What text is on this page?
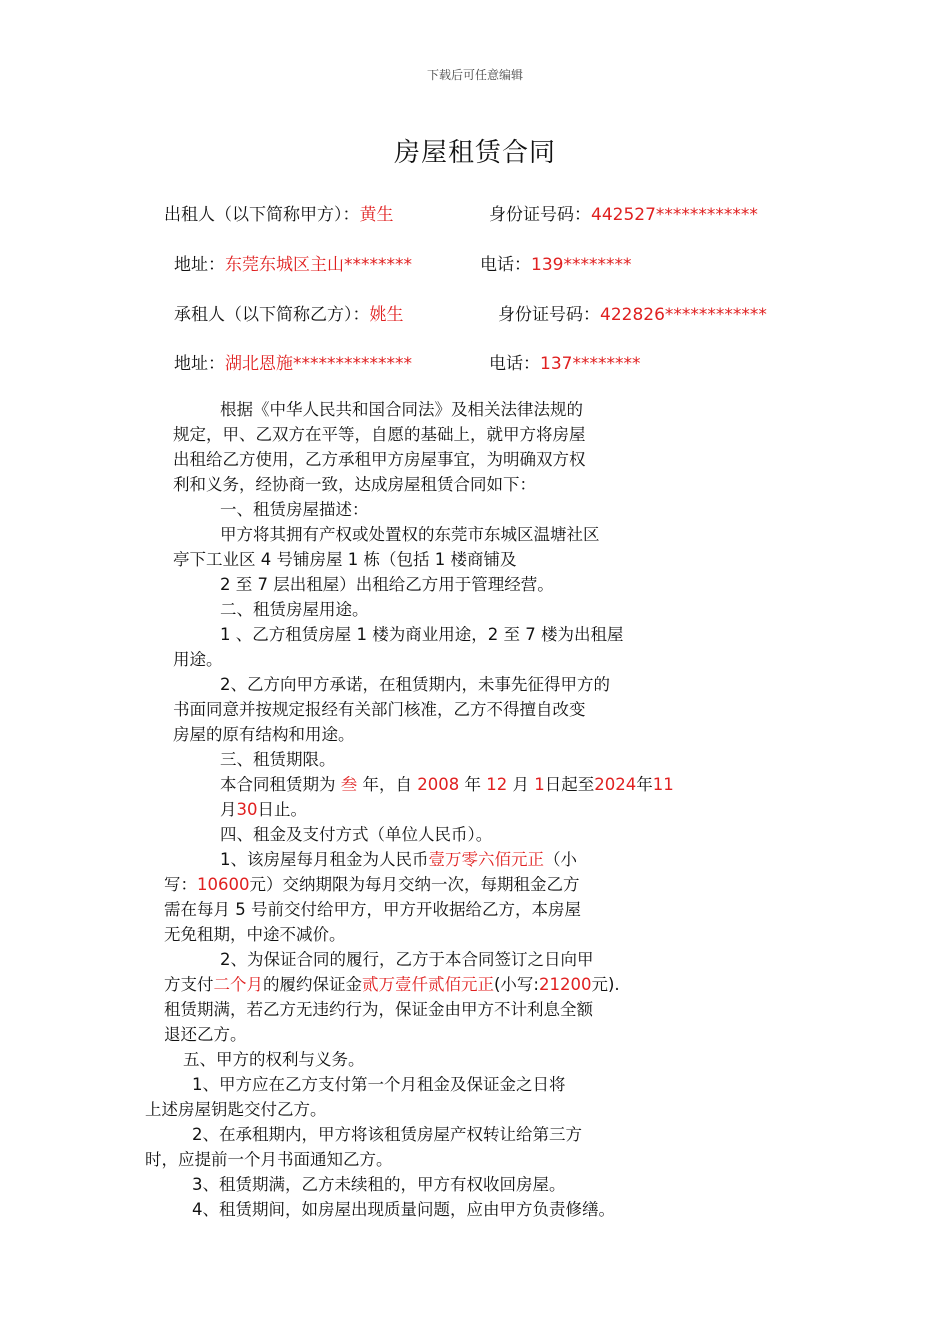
下载后可任意编辑
房屋租赁合同
出租人（以下简称甲方）：黄生	身份证号码：442527************
地址：东莞东城区主山********	电话：139********
承租人（以下简称乙方）：姚生	身份证号码：422826************
地址：湖北恩施**************	电话：137********
根据《中华人民共和国合同法》及相关法律法规的
规定，甲、乙双方在平等，自愿的基础上，就甲方将房屋
出租给乙方使用，乙方承租甲方房屋事宜，为明确双方权
利和义务，经协商一致，达成房屋租赁合同如下：
一、租赁房屋描述：
甲方将其拥有产权或处置权的东莞市东城区温塘社区
亭下工业区 4 号铺房屋 1 栋（包括 1 楼商铺及
2 至 7 层出租屋）出租给乙方用于管理经营。
二、租赁房屋用途。
1 、乙方租赁房屋 1 楼为商业用途，2 至 7 楼为出租屋
用途。
2、乙方向甲方承诺，在租赁期内，未事先征得甲方的
书面同意并按规定报经有关部门核准，乙方不得擅自改变
房屋的原有结构和用途。
三、租赁期限。
本合同租赁期为 叁 年，自 2008 年 12 月 1日起至2024年11
月30日止。
四、租金及支付方式（单位人民币）。
1、该房屋每月租金为人民币壹万零六佰元正（小
写：10600元）交纳期限为每月交纳一次，每期租金乙方
需在每月 5 号前交付给甲方，甲方开收据给乙方，本房屋
无免租期，中途不减价。
2、为保证合同的履行，乙方于本合同签订之日向甲
方支付二个月的履约保证金贰万壹仟贰佰元正(小写:21200元).
租赁期满，若乙方无违约行为，保证金由甲方不计利息全额
退还乙方。
五、甲方的权利与义务。
1、甲方应在乙方支付第一个月租金及保证金之日将
上述房屋钥匙交付乙方。
2、在承租期内，甲方将该租赁房屋产权转让给第三方
时，应提前一个月书面通知乙方。
3、租赁期满，乙方未续租的，甲方有权收回房屋。
4、租赁期间，如房屋出现质量问题，应由甲方负责修缮。
